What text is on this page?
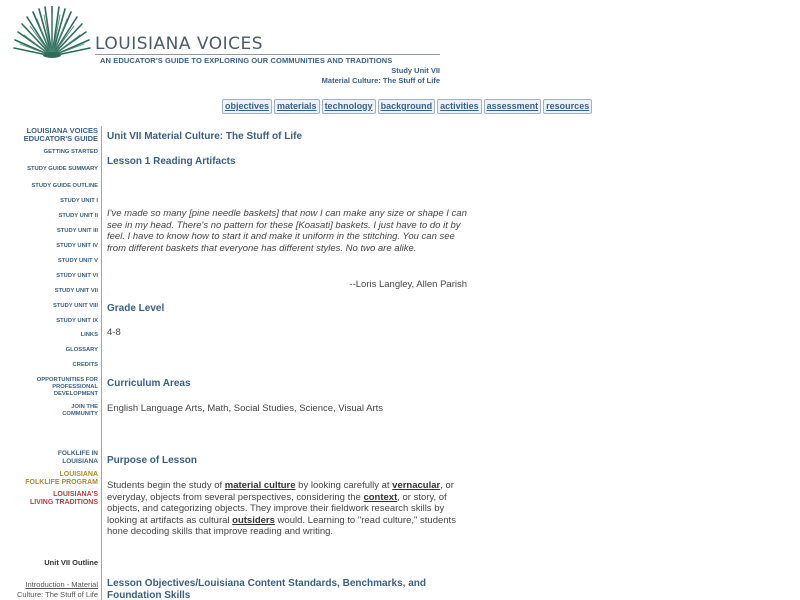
LOUISIANA VOICES
AN EDUCATOR'S GUIDE TO EXPLORING OUR COMMUNITIES AND TRADITIONS
Study Unit VII
Material Culture: The Stuff of Life
objectives materials technology background activities assessment resources
LOUISIANA VOICES
EDUCATOR'S GUIDE
GETTING STARTED
STUDY GUIDE SUMMARY
STUDY GUIDE OUTLINE
STUDY UNIT I
STUDY UNIT II
STUDY UNIT III
STUDY UNIT IV
STUDY UNIT V
STUDY UNIT VI
STUDY UNIT VII
STUDY UNIT VIII
STUDY UNIT IX
LINKS
GLOSSARY
CREDITS
OPPORTUNITIES FOR
PROFESSIONAL
DEVELOPMENT
JOIN THE
COMMUNITY
FOLKLIFE IN
LOUISIANA
LOUISIANA
FOLKLIFE PROGRAM
LOUISIANA'S
LIVING TRADITIONS
Unit VII Outline
Introduction - Material
Culture: The Stuff of Life
Unit VII Material Culture: The Stuff of Life
Lesson 1 Reading Artifacts
I've made so many [pine needle baskets] that now I can make any size or shape I can see in my head. There's no pattern for these [Koasati] baskets. I just have to do it by feel. I have to know how to start it and make it uniform in the stitching. You can see from different baskets that everyone has different styles. No two are alike.
--Loris Langley, Allen Parish
Grade Level
4-8
Curriculum Areas
English Language Arts, Math, Social Studies, Science, Visual Arts
Purpose of Lesson
Students begin the study of material culture by looking carefully at vernacular, or everyday, objects from several perspectives, considering the context, or story, of objects, and categorizing objects. They improve their fieldwork research skills by looking at artifacts as cultural outsiders would. Learning to "read culture," students hone decoding skills that improve reading and writing.
Lesson Objectives/Louisiana Content Standards, Benchmarks, and
Foundation Skills
